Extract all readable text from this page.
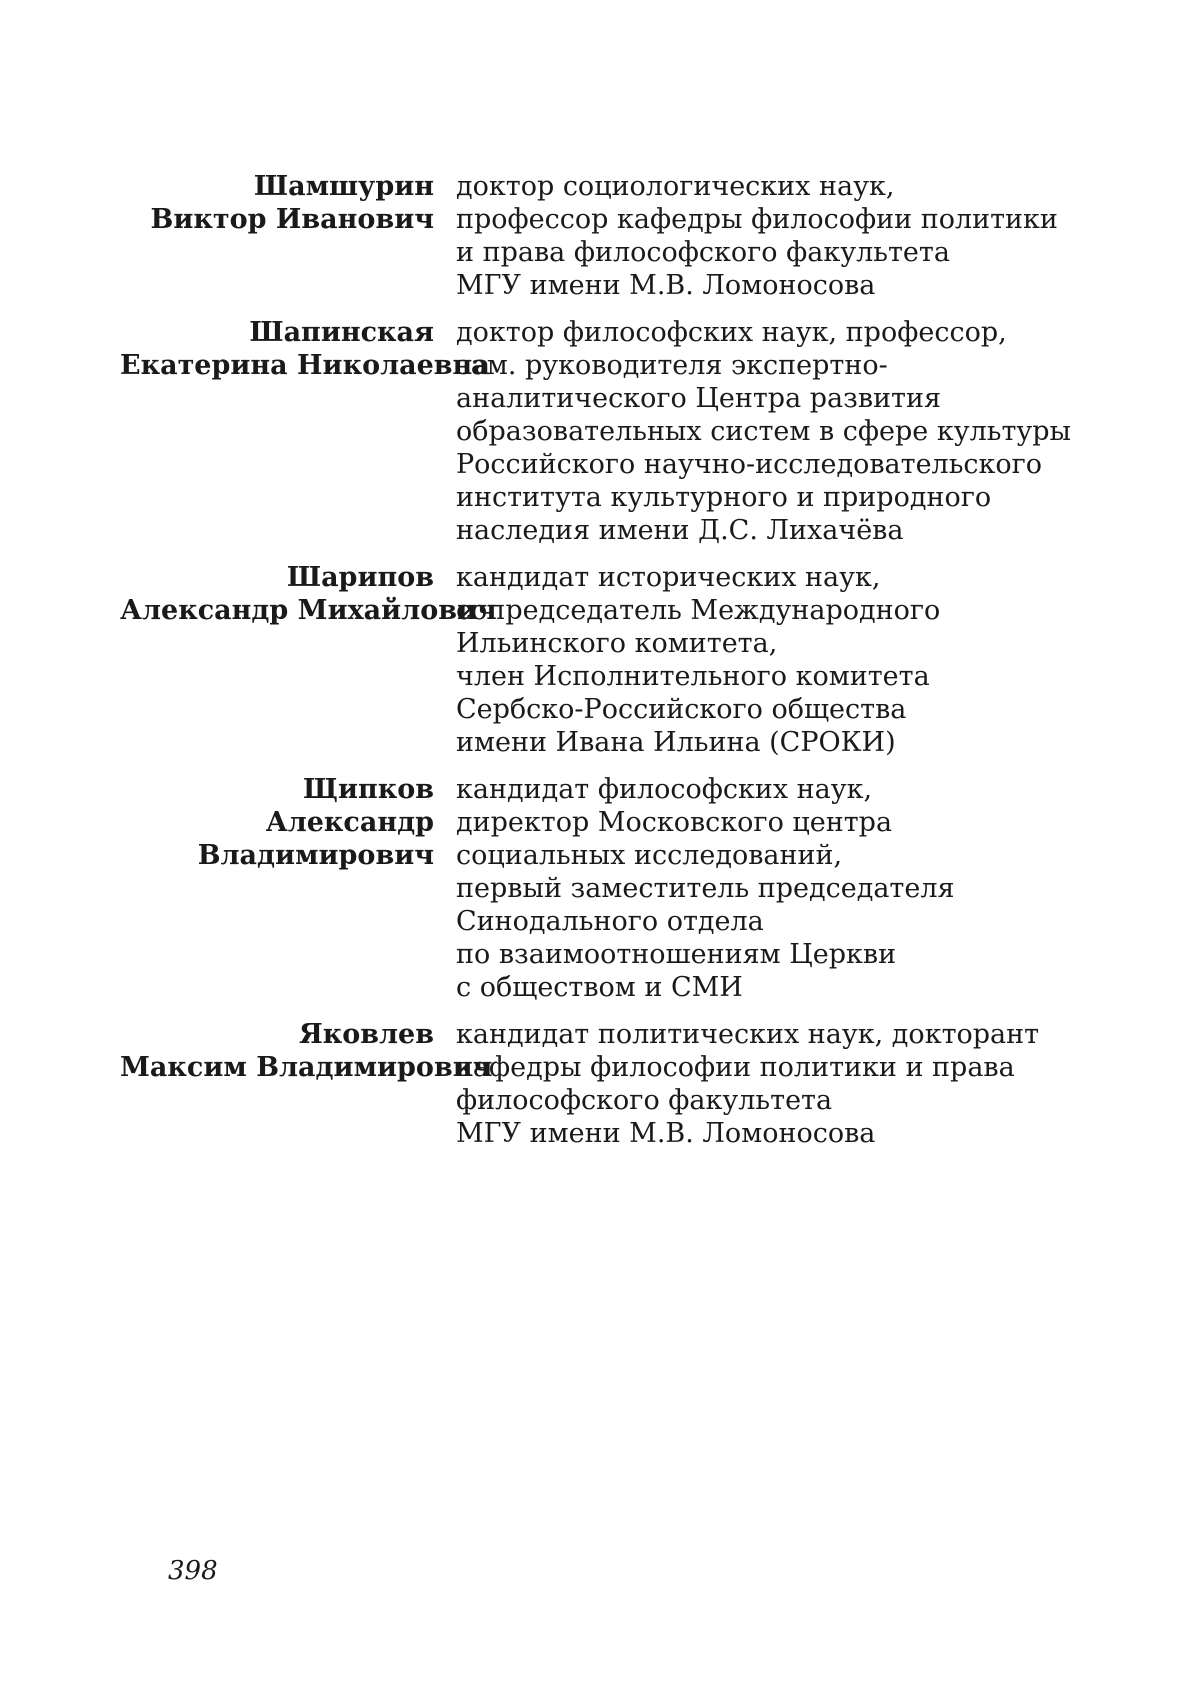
Шамшурин
Виктор Иванович
доктор социологических наук,
профессор кафедры философии политики
и права философского факультета
МГУ имени М.В. Ломоносова
Шапинская
Екатерина Николаевна
доктор философских наук, профессор,
зам. руководителя экспертно-
аналитического Центра развития
образовательных систем в сфере культуры
Российского научно-исследовательского
института культурного и природного
наследия имени Д.С. Лихачёва
Шарипов
Александр Михайлович
кандидат исторических наук,
сопредседатель Международного
Ильинского комитета,
член Исполнительного комитета
Сербско-Российского общества
имени Ивана Ильина (СРОКИ)
Щипков
Александр
Владимирович
кандидат философских наук,
директор Московского центра
социальных исследований,
первый заместитель председателя
Синодального отдела
по взаимоотношениям Церкви
с обществом и СМИ
Яковлев
Максим Владимирович
кандидат политических наук, докторант
кафедры философии политики и права
философского факультета
МГУ имени М.В. Ломоносова
398
